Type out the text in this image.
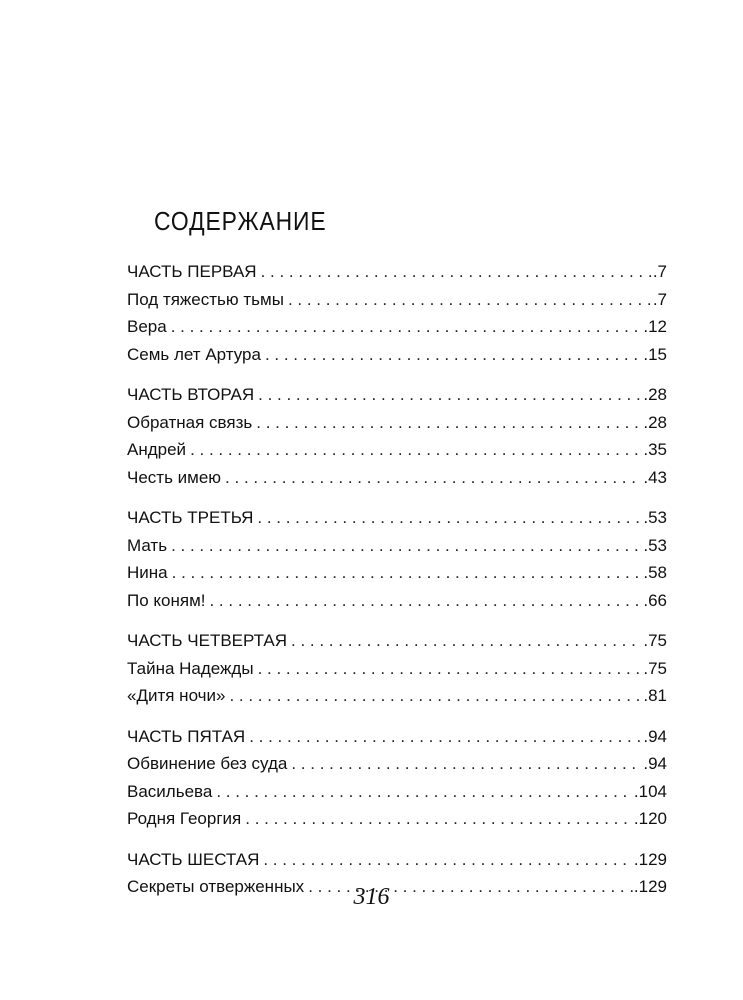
СОДЕРЖАНИЕ
ЧАСТЬ ПЕРВАЯ . . .	.7
Под тяжестью тьмы . . .	.7
Вера . . .	.12
Семь лет Артура . . .	.15
ЧАСТЬ ВТОРАЯ . . .	.28
Обратная связь . . .	.28
Андрей . . .	.35
Честь имею . . .	.43
ЧАСТЬ ТРЕТЬЯ . . .	.53
Мать . . .	.53
Нина . . .	.58
По коням! . . .	.66
ЧАСТЬ ЧЕТВЕРТАЯ . . .	.75
Тайна Надежды . . .	.75
«Дитя ночи» . . .	.81
ЧАСТЬ ПЯТАЯ . . .	.94
Обвинение без суда . . .	.94
Васильева . . .	.104
Родня Георгия . . .	.120
ЧАСТЬ ШЕСТАЯ . . .	.129
Секреты отверженных . . .	.129
316
